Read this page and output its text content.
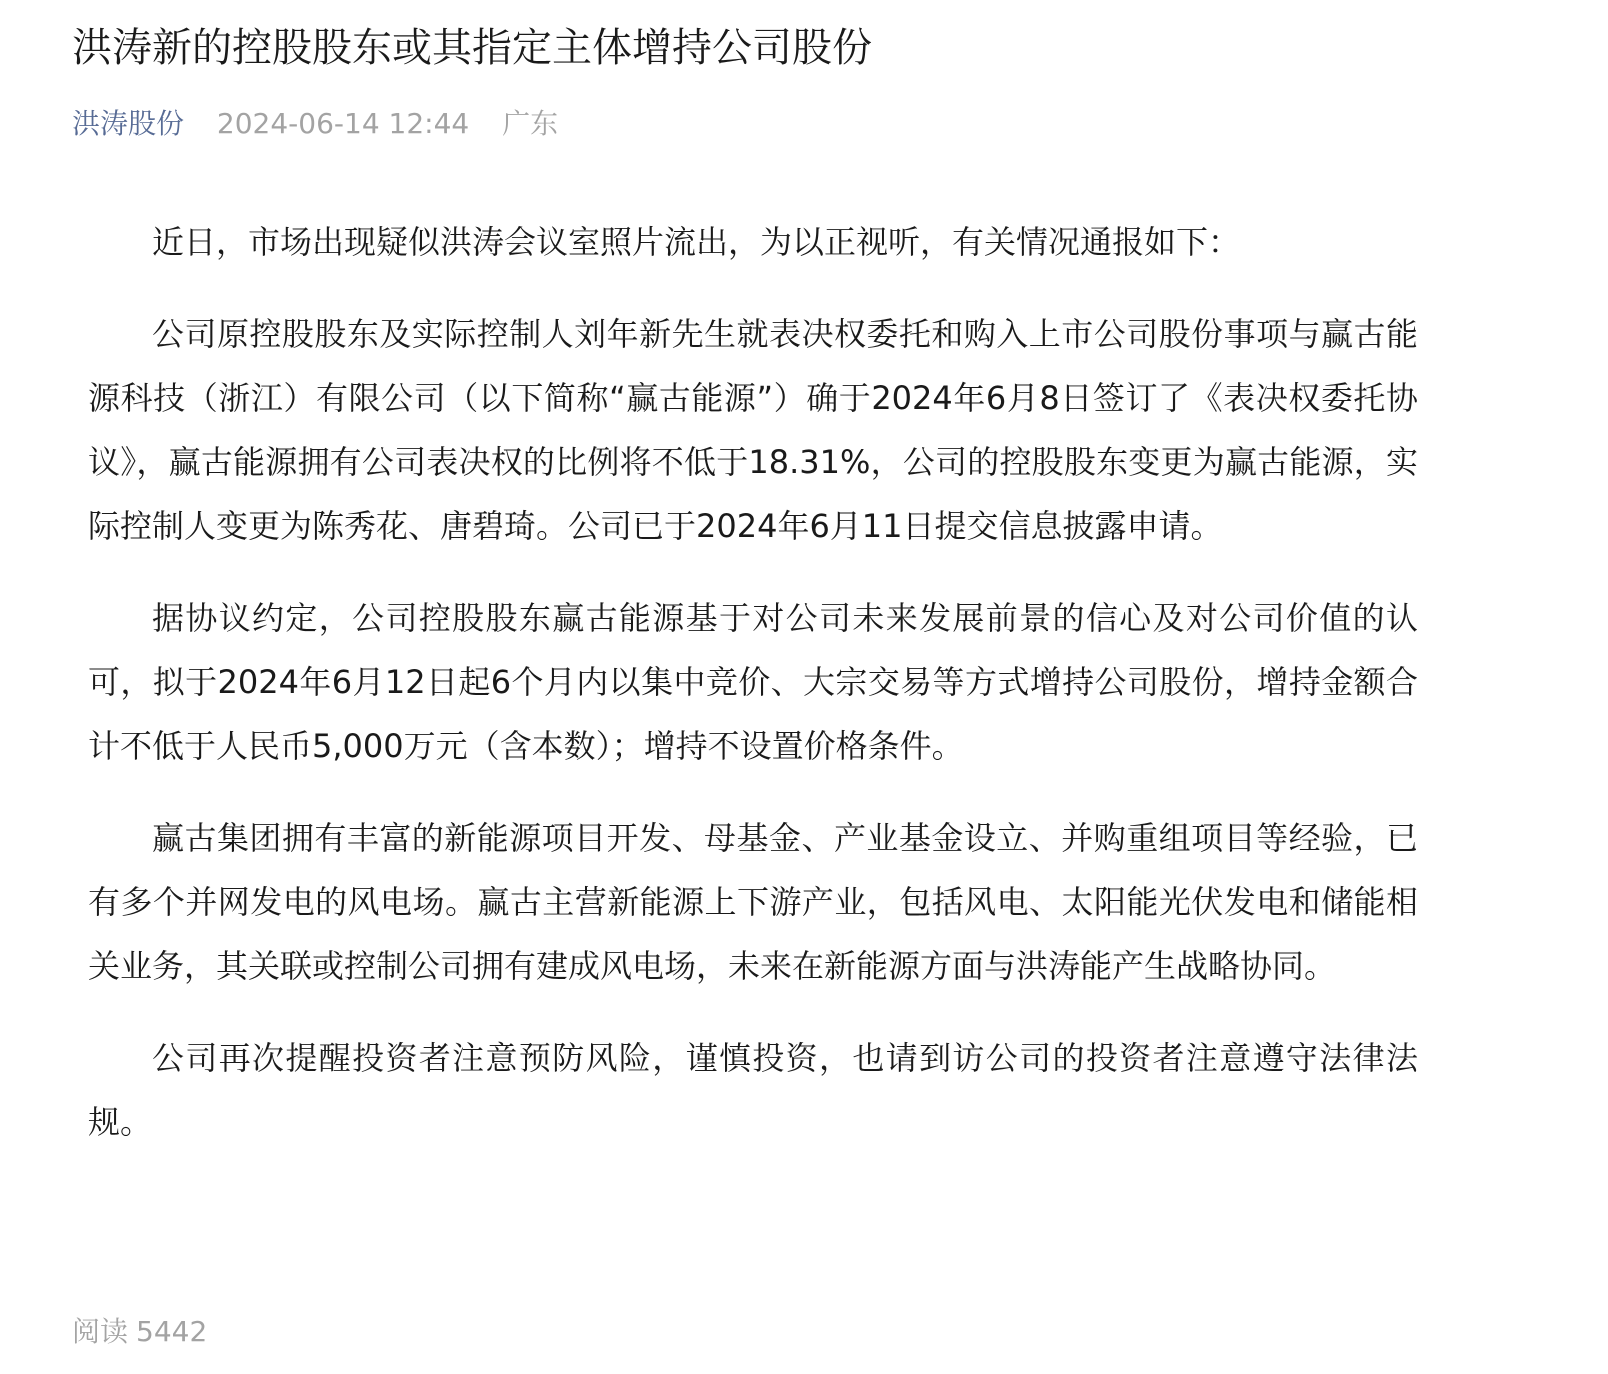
洪涛新的控股股东或其指定主体增持公司股份
洪涛股份 2024-06-14 12:44 广东

近日，市场出现疑似洪涛会议室照片流出，为以正视听，有关情况通报如下：

公司原控股股东及实际控制人刘年新先生就表决权委托和购入上市公司股份事项与赢古能源科技（浙江）有限公司（以下简称“赢古能源”）确于2024年6月8日签订了《表决权委托协议》，赢古能源拥有公司表决权的比例将不低于18.31%，公司的控股股东变更为赢古能源，实际控制人变更为陈秀花、唐碧琦。公司已于2024年6月11日提交信息披露申请。

据协议约定，公司控股股东赢古能源基于对公司未来发展前景的信心及对公司价值的认可，拟于2024年6月12日起6个月内以集中竞价、大宗交易等方式增持公司股份，增持金额合计不低于人民币5,000万元（含本数）；增持不设置价格条件。

赢古集团拥有丰富的新能源项目开发、母基金、产业基金设立、并购重组项目等经验，已有多个并网发电的风电场。赢古主营新能源上下游产业，包括风电、太阳能光伏发电和储能相关业务，其关联或控制公司拥有建成风电场，未来在新能源方面与洪涛能产生战略协同。

公司再次提醒投资者注意预防风险，谨慎投资，也请到访公司的投资者注意遵守法律法规。

阅读 5442
